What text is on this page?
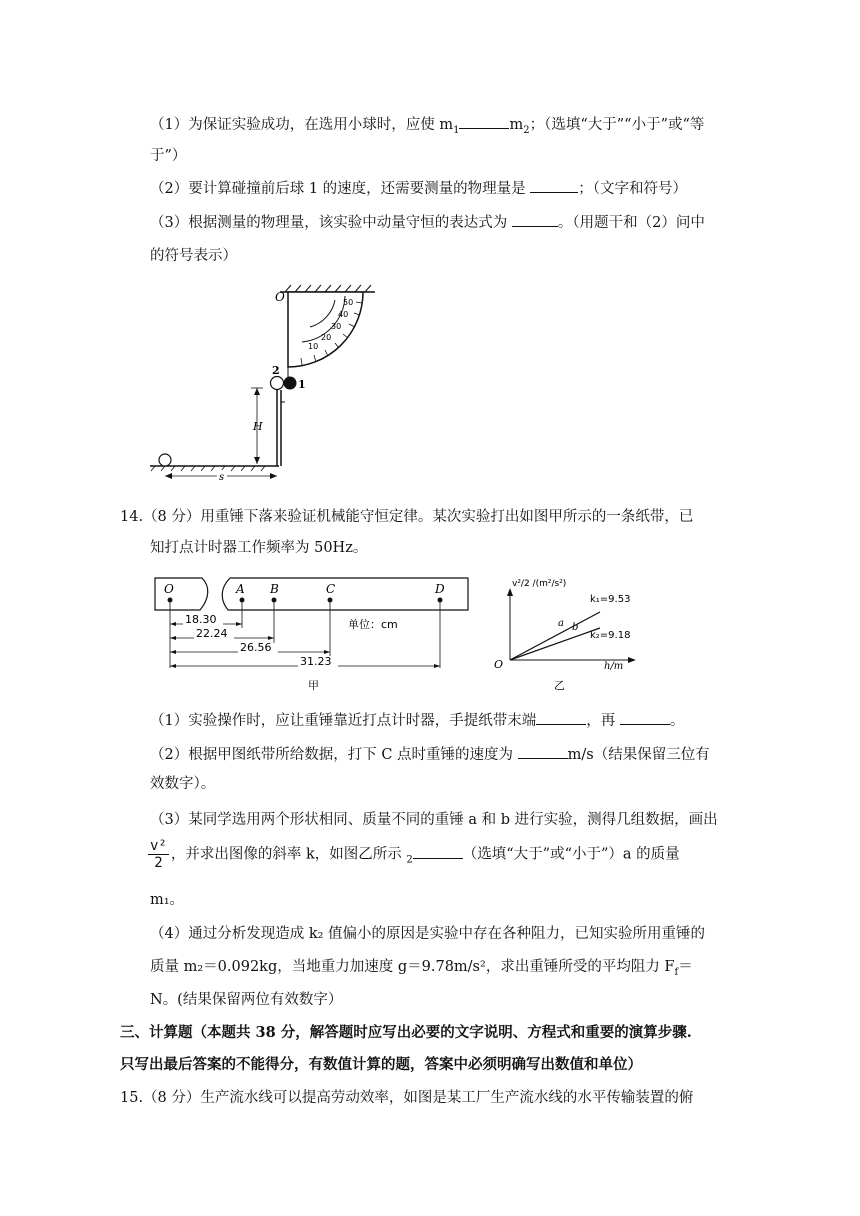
（1）为保证实验成功，在选用小球时，应使 $m_1$	$m_2$；（选填“大于”“小于”或“等
于”）
（2）要计算碰撞前后球 1 的速度，还需要测量的物理量是	；（文字和符号）
（3）根据测量的物理量，该实验中动量守恒的表达式为	。（用题干和（2）问中
的符号表示）
10
20
30
40
50
O
2
1
H
s
14.（8 分）用重锤下落来验证机械能守恒定律。某次实验打出如图甲所示的一条纸带，已
知打点计时器工作频率为 50Hz。
O	A B	C	D
18.30
22.24
26.56
31.23
单位：cm
甲
v²/2 /(m²/s²)
h/m
O
a b
k₁=9.53
k₂=9.18
乙
（1）实验操作时，应让重锤靠近打点计时器，手提纸带末端	，再	。
（2）根据甲图纸带所给数据，打下 C 点时重锤的速度为	m/s（结果保留三位有
效数字）。
（3）某同学选用两个形状相同、质量不同的重锤 a 和 b 进行实验，测得几组数据，画出
$\frac{\text{v²}}{2}$ ，并求出图像的斜率 k，如图乙所示 $_2$	（选填“大于”或“小于”）a 的质量
m₁。
（4）通过分析发现造成 k₂ 值偏小的原因是实验中存在各种阻力，已知实验所用重锤的
质量 m₂＝0.092kg，当地重力加速度 g＝9.78m/s²，求出重锤所受的平均阻力 $F_f=$
N。(结果保留两位有效数字）
三、计算题（本题共 38 分，解答题时应写出必要的文字说明、方程式和重要的演算步骤.
只写出最后答案的不能得分，有数值计算的题，答案中必须明确写出数值和单位）
15.（8 分）生产流水线可以提高劳动效率，如图是某工厂生产流水线的水平传输装置的俯
